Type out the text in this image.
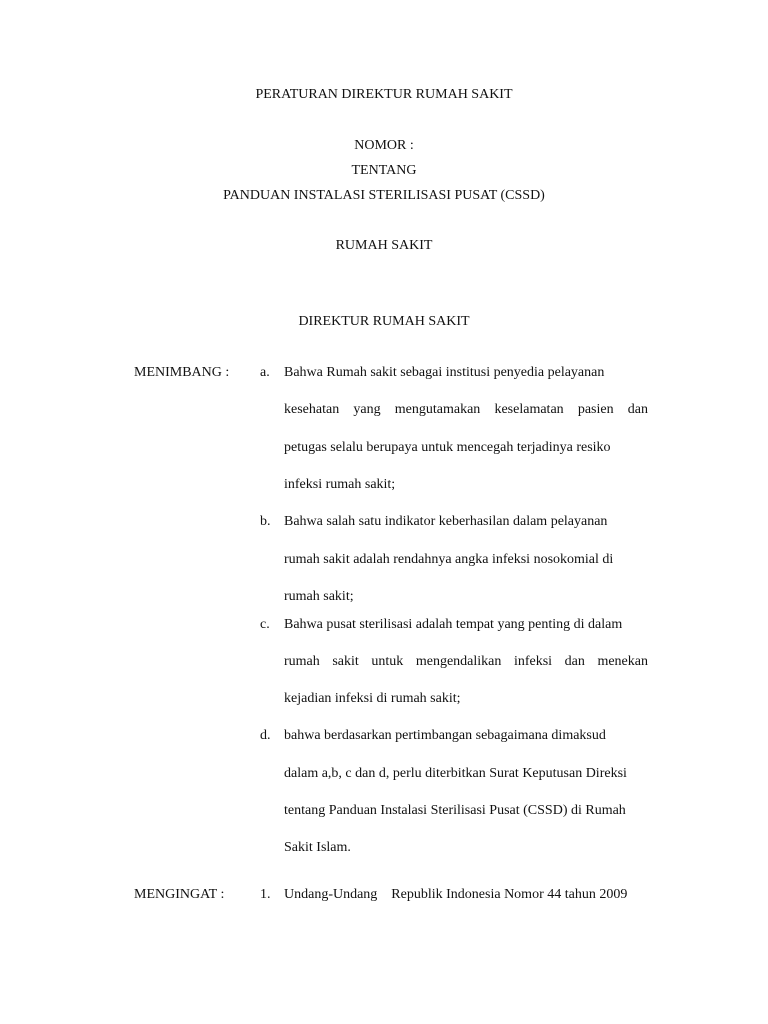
PERATURAN DIREKTUR RUMAH SAKIT
NOMOR :
TENTANG
PANDUAN INSTALASI STERILISASI PUSAT (CSSD)
RUMAH SAKIT
DIREKTUR RUMAH SAKIT
MENIMBANG : a. Bahwa Rumah sakit sebagai institusi penyedia pelayanan
kesehatan yang mengutamakan keselamatan pasien dan
petugas selalu berupaya untuk mencegah terjadinya resiko
infeksi rumah sakit;
b. Bahwa salah satu indikator keberhasilan dalam pelayanan
rumah sakit adalah rendahnya angka infeksi nosokomial di
rumah sakit;
c. Bahwa pusat sterilisasi adalah tempat yang penting di dalam
rumah sakit untuk mengendalikan infeksi dan menekan
kejadian infeksi di rumah sakit;
d. bahwa berdasarkan pertimbangan sebagaimana dimaksud
dalam a,b, c dan d, perlu diterbitkan Surat Keputusan Direksi
tentang Panduan Instalasi Sterilisasi Pusat (CSSD) di Rumah
Sakit Islam.
MENGINGAT :	1. Undang-Undang    Republik Indonesia Nomor 44 tahun 2009
